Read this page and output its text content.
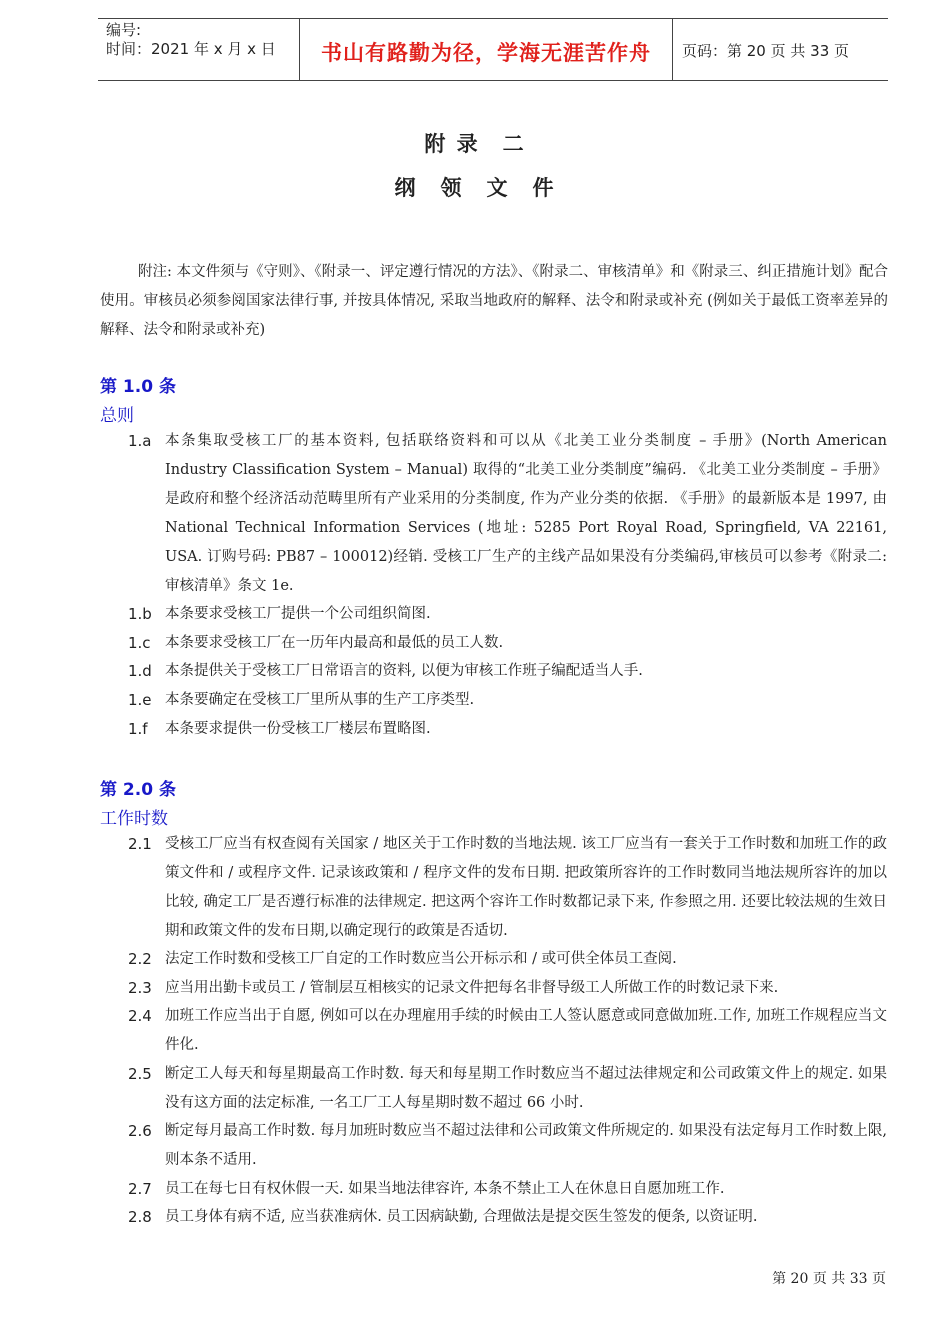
编号:
时间：2021 年 x 月 x 日	书山有路勤为径，学海无涯苦作舟	页码：第 20 页 共 33 页
附 录　二
纲　领　文　件
附注: 本文件须与《守则》、《附录一、评定遵行情况的方法》、《附录二、审核清单》和《附录三、纠正措施计划》配合使用。审核员必须参阅国家法律行事, 并按具体情况, 采取当地政府的解释、法令和附录或补充 (例如关于最低工资率差异的解释、法令和附录或补充)
第 1.0 条
总则
1.a 本条集取受核工厂的基本资料, 包括联络资料和可以从《北美工业分类制度 – 手册》(North American Industry Classification System – Manual) 取得的“北美工业分类制度”编码. 《北美工业分类制度 – 手册》是政府和整个经济活动范畴里所有产业采用的分类制度, 作为产业分类的依据. 《手册》的最新版本是 1997, 由 National Technical Information Services (地址: 5285 Port Royal Road, Springfield, VA 22161, USA. 订购号码: PB87 – 100012)经销. 受核工厂生产的主线产品如果没有分类编码,审核员可以参考《附录二: 审核清单》条文 1e.
1.b 本条要求受核工厂提供一个公司组织简图.
1.c 本条要求受核工厂在一历年内最高和最低的员工人数.
1.d 本条提供关于受核工厂日常语言的资料, 以便为审核工作班子编配适当人手.
1.e 本条要确定在受核工厂里所从事的生产工序类型.
1.f 本条要求提供一份受核工厂楼层布置略图.
第 2.0 条
工作时数
2.1 受核工厂应当有权查阅有关国家 / 地区关于工作时数的当地法规. 该工厂应当有一套关于工作时数和加班工作的政策文件和 / 或程序文件. 记录该政策和 / 程序文件的发布日期. 把政策所容许的工作时数同当地法规所容许的加以比较, 确定工厂是否遵行标准的法律规定. 把这两个容许工作时数都记录下来, 作参照之用. 还要比较法规的生效日期和政策文件的发布日期,以确定现行的政策是否适切.
2.2 法定工作时数和受核工厂自定的工作时数应当公开标示和 / 或可供全体员工查阅.
2.3 应当用出勤卡或员工 / 管制层互相核实的记录文件把每名非督导级工人所做工作的时数记录下来.
2.4 加班工作应当出于自愿, 例如可以在办理雇用手续的时候由工人签认愿意或同意做加班.工作, 加班工作规程应当文件化.
2.5 断定工人每天和每星期最高工作时数. 每天和每星期工作时数应当不超过法律规定和公司政策文件上的规定. 如果没有这方面的法定标准, 一名工厂工人每星期时数不超过 66 小时.
2.6 断定每月最高工作时数. 每月加班时数应当不超过法律和公司政策文件所规定的. 如果没有法定每月工作时数上限, 则本条不适用.
2.7 员工在每七日有权休假一天. 如果当地法律容许, 本条不禁止工人在休息日自愿加班工作.
2.8 员工身体有病不适, 应当获准病休. 员工因病缺勤, 合理做法是提交医生签发的便条, 以资证明.
第 20 页 共 33 页
